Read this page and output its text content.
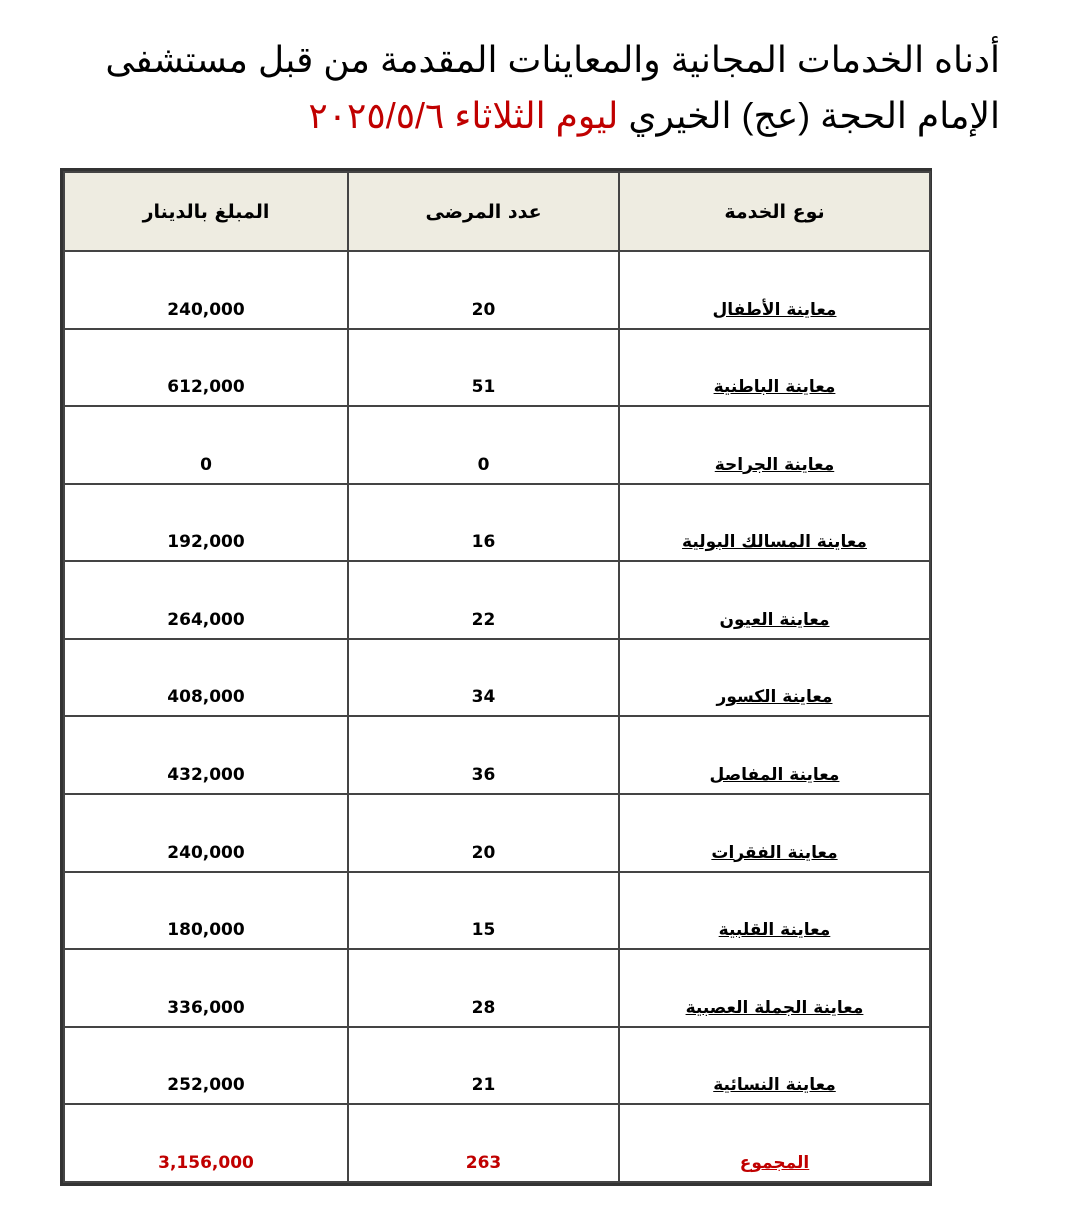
أدناه الخدمات المجانية والمعاينات المقدمة من قبل مستشفى
الإمام الحجة (عج) الخيري ليوم الثلاثاء ٢٠٢٥/٥/٦
نوع الخدمة	عدد المرضى	المبلغ بالدينار
معاينة الأطفال	20	240,000
معاينة الباطنية	51	612,000
معاينة الجراحة	0	0
معاينة المسالك البولية	16	192,000
معاينة العيون	22	264,000
معاينة الكسور	34	408,000
معاينة المفاصل	36	432,000
معاينة الفقرات	20	240,000
معاينة القلبية	15	180,000
معاينة الجملة العصبية	28	336,000
معاينة النسائية	21	252,000
المجموع	263	3,156,000
